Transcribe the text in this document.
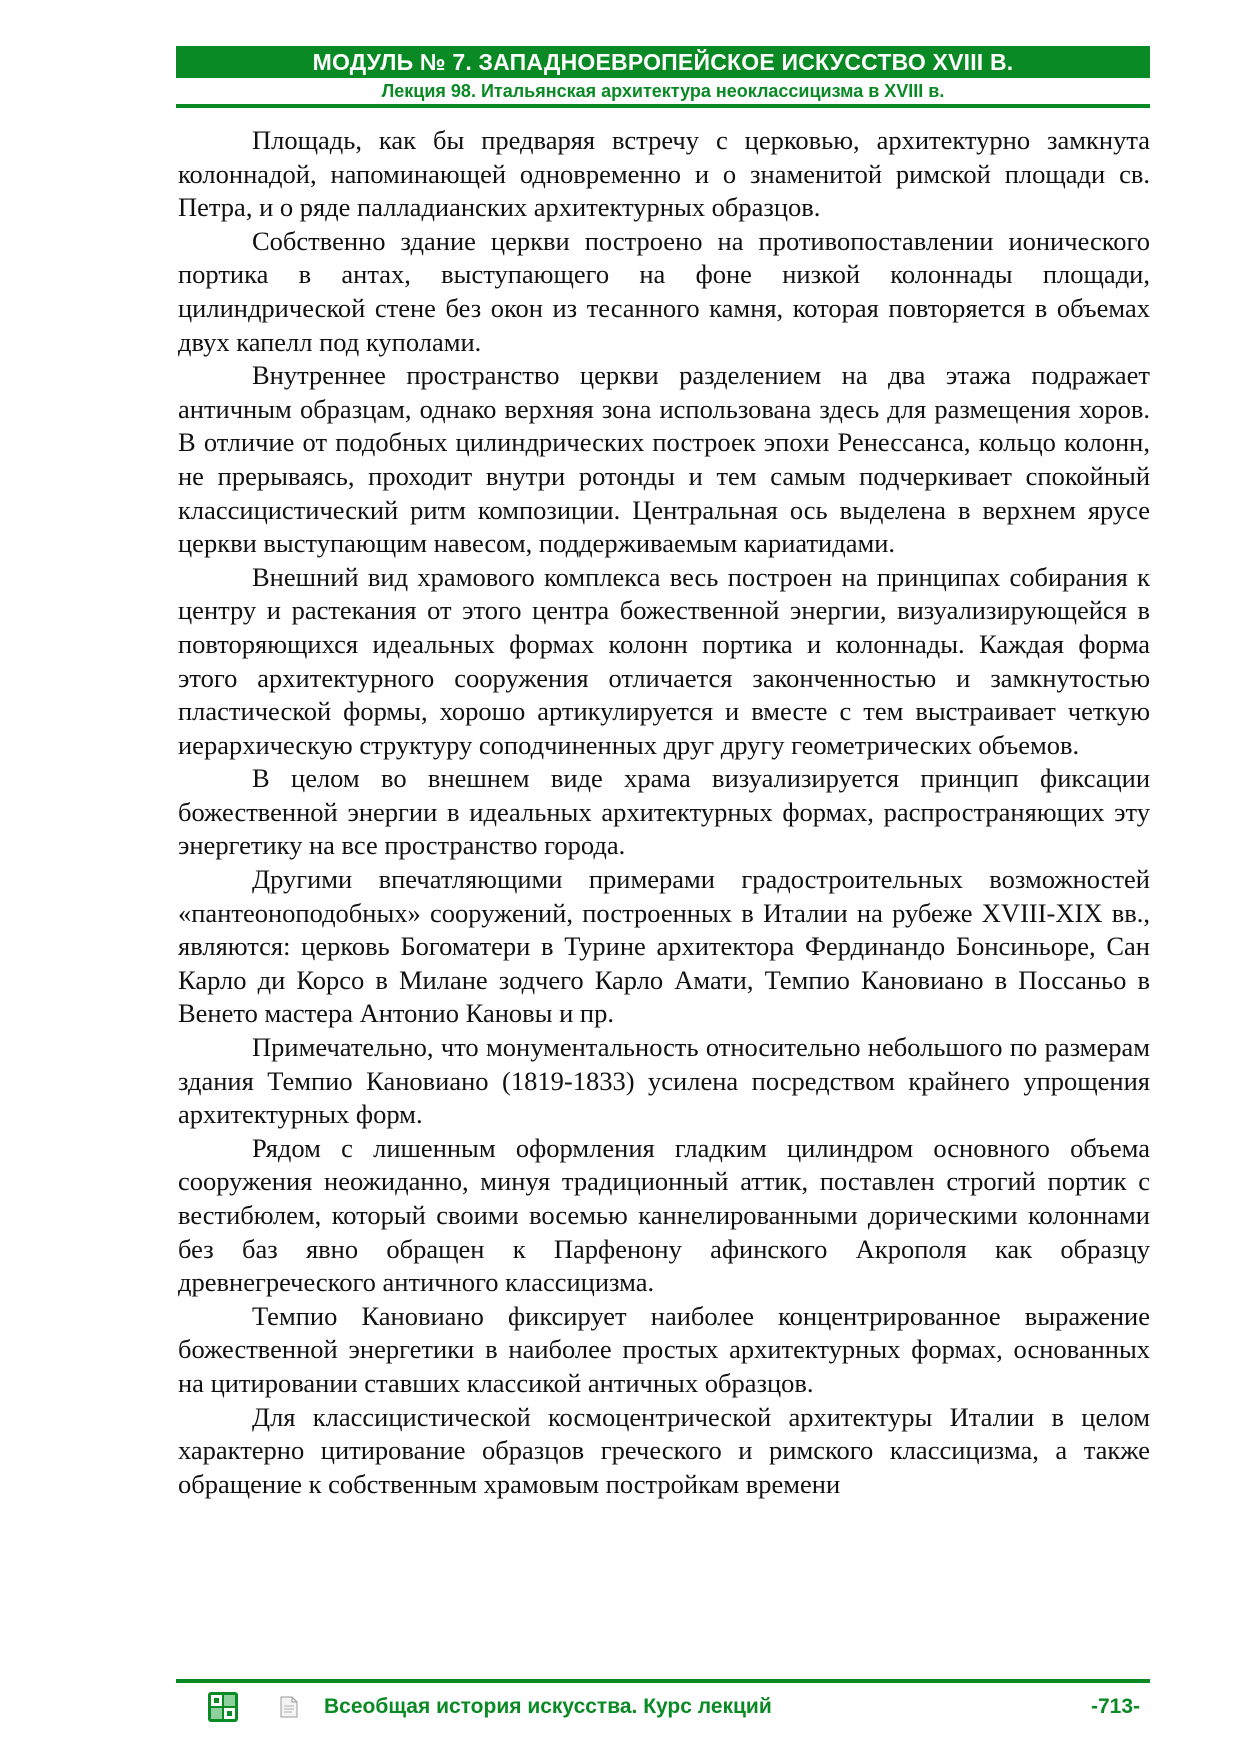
МОДУЛЬ № 7. ЗАПАДНОЕВРОПЕЙСКОЕ ИСКУССТВО XVIII В.
Лекция 98. Итальянская архитектура неоклассицизма в XVIII в.

Площадь, как бы предваряя встречу с церковью, архитектурно замкнута колоннадой, напоминающей одновременно и о знаменитой римской площади св. Петра, и о ряде палладианских архитектурных образцов.

Собственно здание церкви построено на противопоставлении ионического портика в антах, выступающего на фоне низкой колоннады площади, цилиндрической стене без окон из тесанного камня, которая повторяется в объемах двух капелл под куполами.

Внутреннее пространство церкви разделением на два этажа подражает античным образцам, однако верхняя зона использована здесь для размещения хоров. В отличие от подобных цилиндрических построек эпохи Ренессанса, кольцо колонн, не прерываясь, проходит внутри ротонды и тем самым подчеркивает спокойный классицистический ритм композиции. Центральная ось выделена в верхнем ярусе церкви выступающим навесом, поддерживаемым кариатидами.

Внешний вид храмового комплекса весь построен на принципах собирания к центру и растекания от этого центра божественной энергии, визуализирующейся в повторяющихся идеальных формах колонн портика и колоннады. Каждая форма этого архитектурного сооружения отличается законченностью и замкнутостью пластической формы, хорошо артикулируется и вместе с тем выстраивает четкую иерархическую структуру соподчиненных друг другу геометрических объемов.

В целом во внешнем виде храма визуализируется принцип фиксации божественной энергии в идеальных архитектурных формах, распространяющих эту энергетику на все пространство города.

Другими впечатляющими примерами градостроительных возможностей «пантеоноподобных» сооружений, построенных в Италии на рубеже XVIII-XIX вв., являются: церковь Богоматери в Турине архитектора Фердинандо Бонсиньоре, Сан Карло ди Корсо в Милане зодчего Карло Амати, Темпио Кановиано в Поссаньо в Венето мастера Антонио Кановы и пр.

Примечательно, что монументальность относительно небольшого по размерам здания Темпио Кановиано (1819-1833) усилена посредством крайнего упрощения архитектурных форм.

Рядом с лишенным оформления гладким цилиндром основного объема сооружения неожиданно, минуя традиционный аттик, поставлен строгий портик с вестибюлем, который своими восемью каннелированными дорическими колоннами без баз явно обращен к Парфенону афинского Акрополя как образцу древнегреческого античного классицизма.

Темпио Кановиано фиксирует наиболее концентрированное выражение божественной энергетики в наиболее простых архитектурных формах, основанных на цитировании ставших классикой античных образцов.

Для классицистической космоцентрической архитектуры Италии в целом характерно цитирование образцов греческого и римского классицизма, а также обращение к собственным храмовым постройкам времени

Всеобщая история искусства. Курс лекций	-713-
